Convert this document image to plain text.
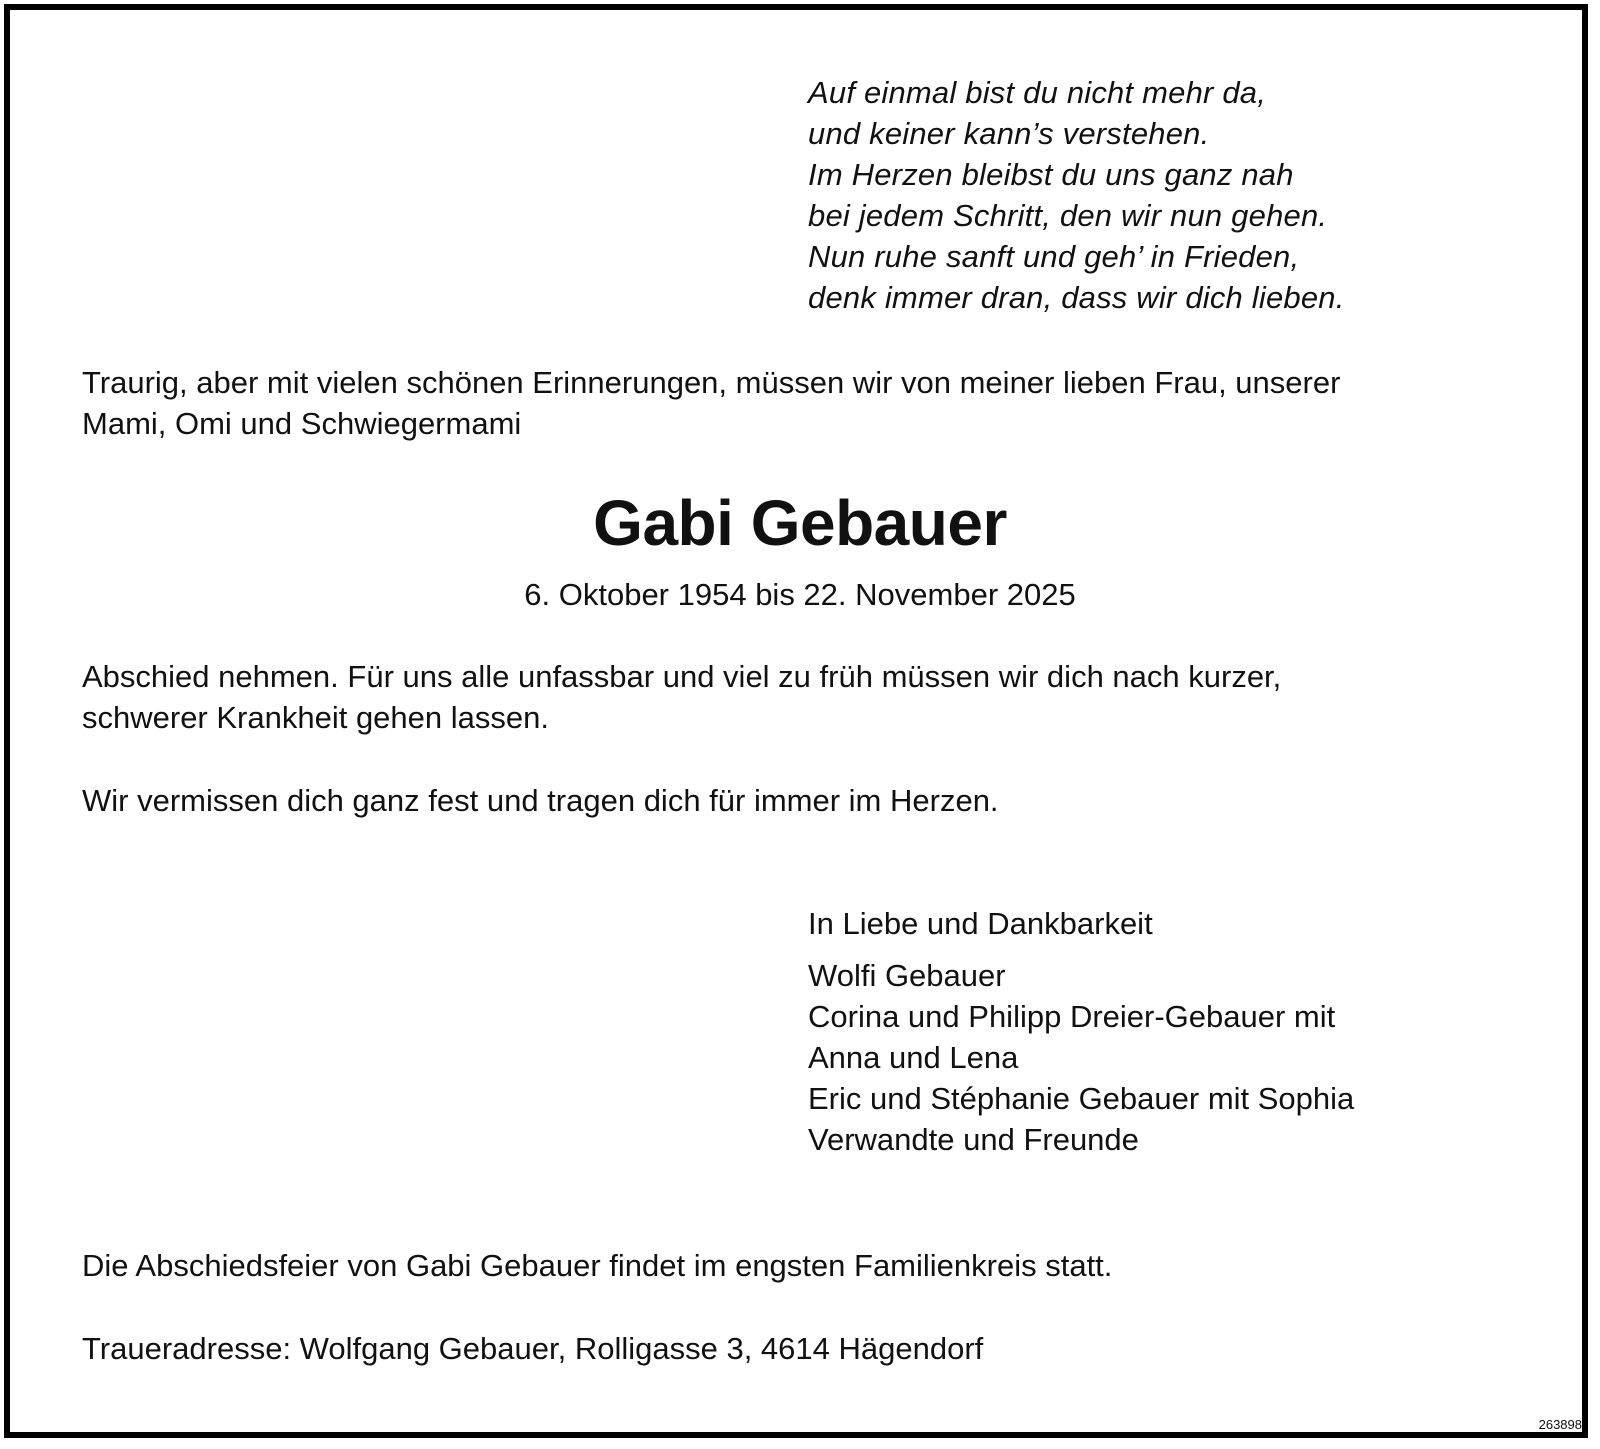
Auf einmal bist du nicht mehr da,
und keiner kann’s verstehen.
Im Herzen bleibst du uns ganz nah
bei jedem Schritt, den wir nun gehen.
Nun ruhe sanft und geh’ in Frieden,
denk immer dran, dass wir dich lieben.
Traurig, aber mit vielen schönen Erinnerungen, müssen wir von meiner lieben Frau, unserer
Mami, Omi und Schwiegermami
Gabi Gebauer
6. Oktober 1954 bis 22. November 2025
Abschied nehmen. Für uns alle unfassbar und viel zu früh müssen wir dich nach kurzer,
schwerer Krankheit gehen lassen.
Wir vermissen dich ganz fest und tragen dich für immer im Herzen.
In Liebe und Dankbarkeit
Wolfi Gebauer
Corina und Philipp Dreier-Gebauer mit
Anna und Lena
Eric und Stéphanie Gebauer mit Sophia
Verwandte und Freunde
Die Abschiedsfeier von Gabi Gebauer findet im engsten Familienkreis statt.
Traueradresse: Wolfgang Gebauer, Rolligasse 3, 4614 Hägendorf
263898
